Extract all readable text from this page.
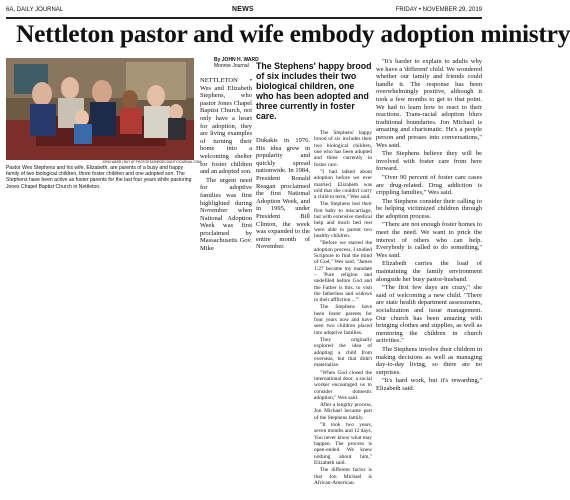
6A, DAILY JOURNAL	NEWS	FRIDAY • NOVEMBER 29, 2019
Nettleton pastor and wife embody adoption ministry
JOHN WARD | BUY AT PHOTOS.MONROECOUNTYJOURNAL.COM
Pastor Wes Stephens and his wife, Elizabeth, are parents of a busy and happy family of two biological children, three foster children and one adopted son. The Stephens have been active as foster parents for the last four years while pastoring Jones Chapel Baptist Church in Nettleton.
By JOHN H. WARD
Monroe Journal

NETTLETON • Wes and Elizabeth Stephens, who pastor Jones Chapel Baptist Church, not only have a heart for adoption, they are living examples of turning their home into a welcoming shelter for foster children and an adopted son.

The urgent need for adoptive families was first highlighted during November when National Adoption Week was first proclaimed by Massachusetts Gov. Mike

The Stephens' happy brood of six includes their two biological children, one who has been adopted and three currently in foster care.

Dukakis in 1976. His idea grew in popularity and quickly spread nationwide. In 1984, President Ronald Reagan proclaimed the first National Adoption Week, and in 1995, under President Bill Clinton, the week was expanded to the entire month of November.

The Stephens' happy brood of six includes their two biological children, one who has been adopted and three currently in foster care.

"I had talked about adoption before we ever married. Elizabeth was told that she couldn't carry a child to term," Wes said.

The Stephens lost their first baby to miscarriage, but with extensive medical help and much bed rest were able to parent two healthy children.

"Before we started the adoption process, I studied Scripture to find the mind of God," Wes said. "James 1:27 became my mandate – 'Pure religion and undefiled before God and the Father is this, to visit the fatherless and widows in their affliction ...'"

The Stephens have been foster parents for four years now and have seen two children placed into adoptive families.

They originally explored the idea of adopting a child from overseas, but that didn't materialize.

"When God closed the international door, a social worker encouraged us to consider domestic adoption," Wes said.

After a lengthy process, Jon Michael became part of the Stephens family.

"It took two years, seven months and 12 days. You never know what may happen. The process is open-ended. We knew nothing about him," Elizabeth said.

The different factor is that Jon Michael is African-American.

"It's harder to explain to adults why we have a 'different' child. We wondered whether our family and friends could handle it. The response has been overwhelmingly positive, although it took a few months to get to that point. We had to learn how to react to their reactions. Trans-racial adoption blurs traditional boundaries. Jon Michael is amazing and charismatic. He's a people person and presses into conversations," Wes said.

The Stephens believe they will be involved with foster care from here forward.

"Over 90 percent of foster care cases are drug-related. Drug addiction is crippling families," Wes said.

The Stephens consider their calling to be helping victimized children through the adoption process.

"There are not enough foster homes to meet the need. We want to prick the interest of others who can help. Everybody is called to do something," Wes said.

Elizabeth carries the load of maintaining the family environment alongside her busy pastor-husband.

"The first few days are crazy," she said of welcoming a new child. "There are state health department assessments, socialization and issue management. Our church has been amazing with bringing clothes and supplies, as well as mentoring the children in church activities."

The Stephens involve their children in making decisions as well as managing day-to-day living, so there are no surprises.

"It's hard work, but it's rewarding," Elizabeth said.
